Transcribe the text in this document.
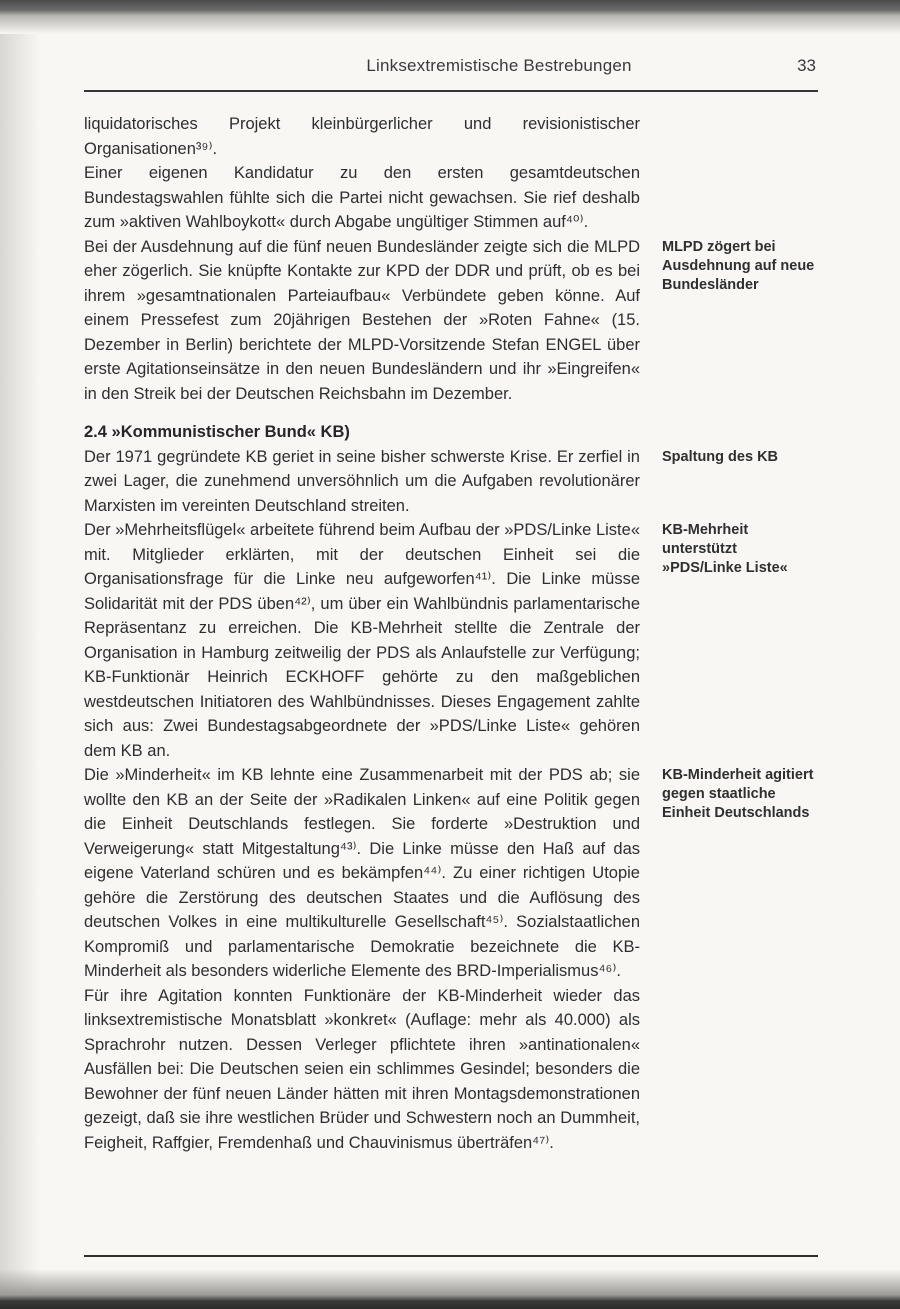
Linksextremistische Bestrebungen	33

liquidatorisches Projekt kleinbürgerlicher und revisionistischer Organisationen³⁹⁾.

Einer eigenen Kandidatur zu den ersten gesamtdeutschen Bundestagswahlen fühlte sich die Partei nicht gewachsen. Sie rief deshalb zum »aktiven Wahlboykott« durch Abgabe ungültiger Stimmen auf⁴⁰⁾.

Bei der Ausdehnung auf die fünf neuen Bundesländer zeigte sich die MLPD eher zögerlich. Sie knüpfte Kontakte zur KPD der DDR und prüft, ob es bei ihrem »gesamtnationalen Parteiaufbau« Verbündete geben könne. Auf einem Pressefest zum 20jährigen Bestehen der »Roten Fahne« (15. Dezember in Berlin) berichtete der MLPD-Vorsitzende Stefan ENGEL über erste Agitationseinsätze in den neuen Bundesländern und ihr »Eingreifen« in den Streik bei der Deutschen Reichsbahn im Dezember.

MLPD zögert bei Ausdehnung auf neue Bundesländer
2.4 »Kommunistischer Bund« KB)

Der 1971 gegründete KB geriet in seine bisher schwerste Krise. Er zerfiel in zwei Lager, die zunehmend unversöhnlich um die Aufgaben revolutionärer Marxisten im vereinten Deutschland streiten.

Spaltung des KB

Der »Mehrheitsflügel« arbeitete führend beim Aufbau der »PDS/Linke Liste« mit. Mitglieder erklärten, mit der deutschen Einheit sei die Organisationsfrage für die Linke neu aufgeworfen⁴¹⁾. Die Linke müsse Solidarität mit der PDS üben⁴²⁾, um über ein Wahlbündnis parlamentarische Repräsentanz zu erreichen. Die KB-Mehrheit stellte die Zentrale der Organisation in Hamburg zeitweilig der PDS als Anlaufstelle zur Verfügung; KB-Funktionär Heinrich ECKHOFF gehörte zu den maßgeblichen westdeutschen Initiatoren des Wahlbündnisses. Dieses Engagement zahlte sich aus: Zwei Bundestagsabgeordnete der »PDS/Linke Liste« gehören dem KB an.

KB-Mehrheit unterstützt »PDS/Linke Liste«

Die »Minderheit« im KB lehnte eine Zusammenarbeit mit der PDS ab; sie wollte den KB an der Seite der »Radikalen Linken« auf eine Politik gegen die Einheit Deutschlands festlegen. Sie forderte »Destruktion und Verweigerung« statt Mitgestaltung⁴³⁾. Die Linke müsse den Haß auf das eigene Vaterland schüren und es bekämpfen⁴⁴⁾. Zu einer richtigen Utopie gehöre die Zerstörung des deutschen Staates und die Auflösung des deutschen Volkes in eine multikulturelle Gesellschaft⁴⁵⁾. Sozialstaatlichen Kompromiß und parlamentarische Demokratie bezeichnete die KB-Minderheit als besonders widerliche Elemente des BRD-Imperialismus⁴⁶⁾.

KB-Minderheit agitiert gegen staatliche Einheit Deutschlands

Für ihre Agitation konnten Funktionäre der KB-Minderheit wieder das linksextremistische Monatsblatt »konkret« (Auflage: mehr als 40.000) als Sprachrohr nutzen. Dessen Verleger pflichtete ihren »antinationalen« Ausfällen bei: Die Deutschen seien ein schlimmes Gesindel; besonders die Bewohner der fünf neuen Länder hätten mit ihren Montagsdemonstrationen gezeigt, daß sie ihre westlichen Brüder und Schwestern noch an Dummheit, Feigheit, Raffgier, Fremdenhaß und Chauvinismus überträfen⁴⁷⁾.
